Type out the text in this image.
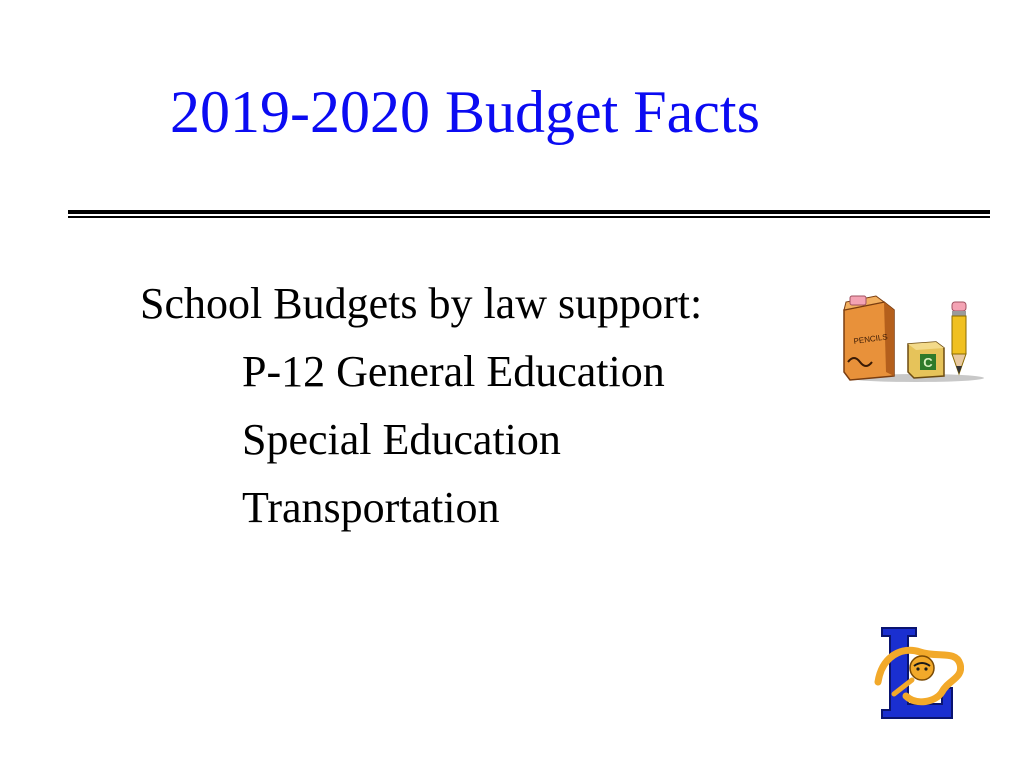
2019-2020 Budget Facts

School Budgets by law support:

P-12 General Education

Special Education

Transportation

PENCILS
C
